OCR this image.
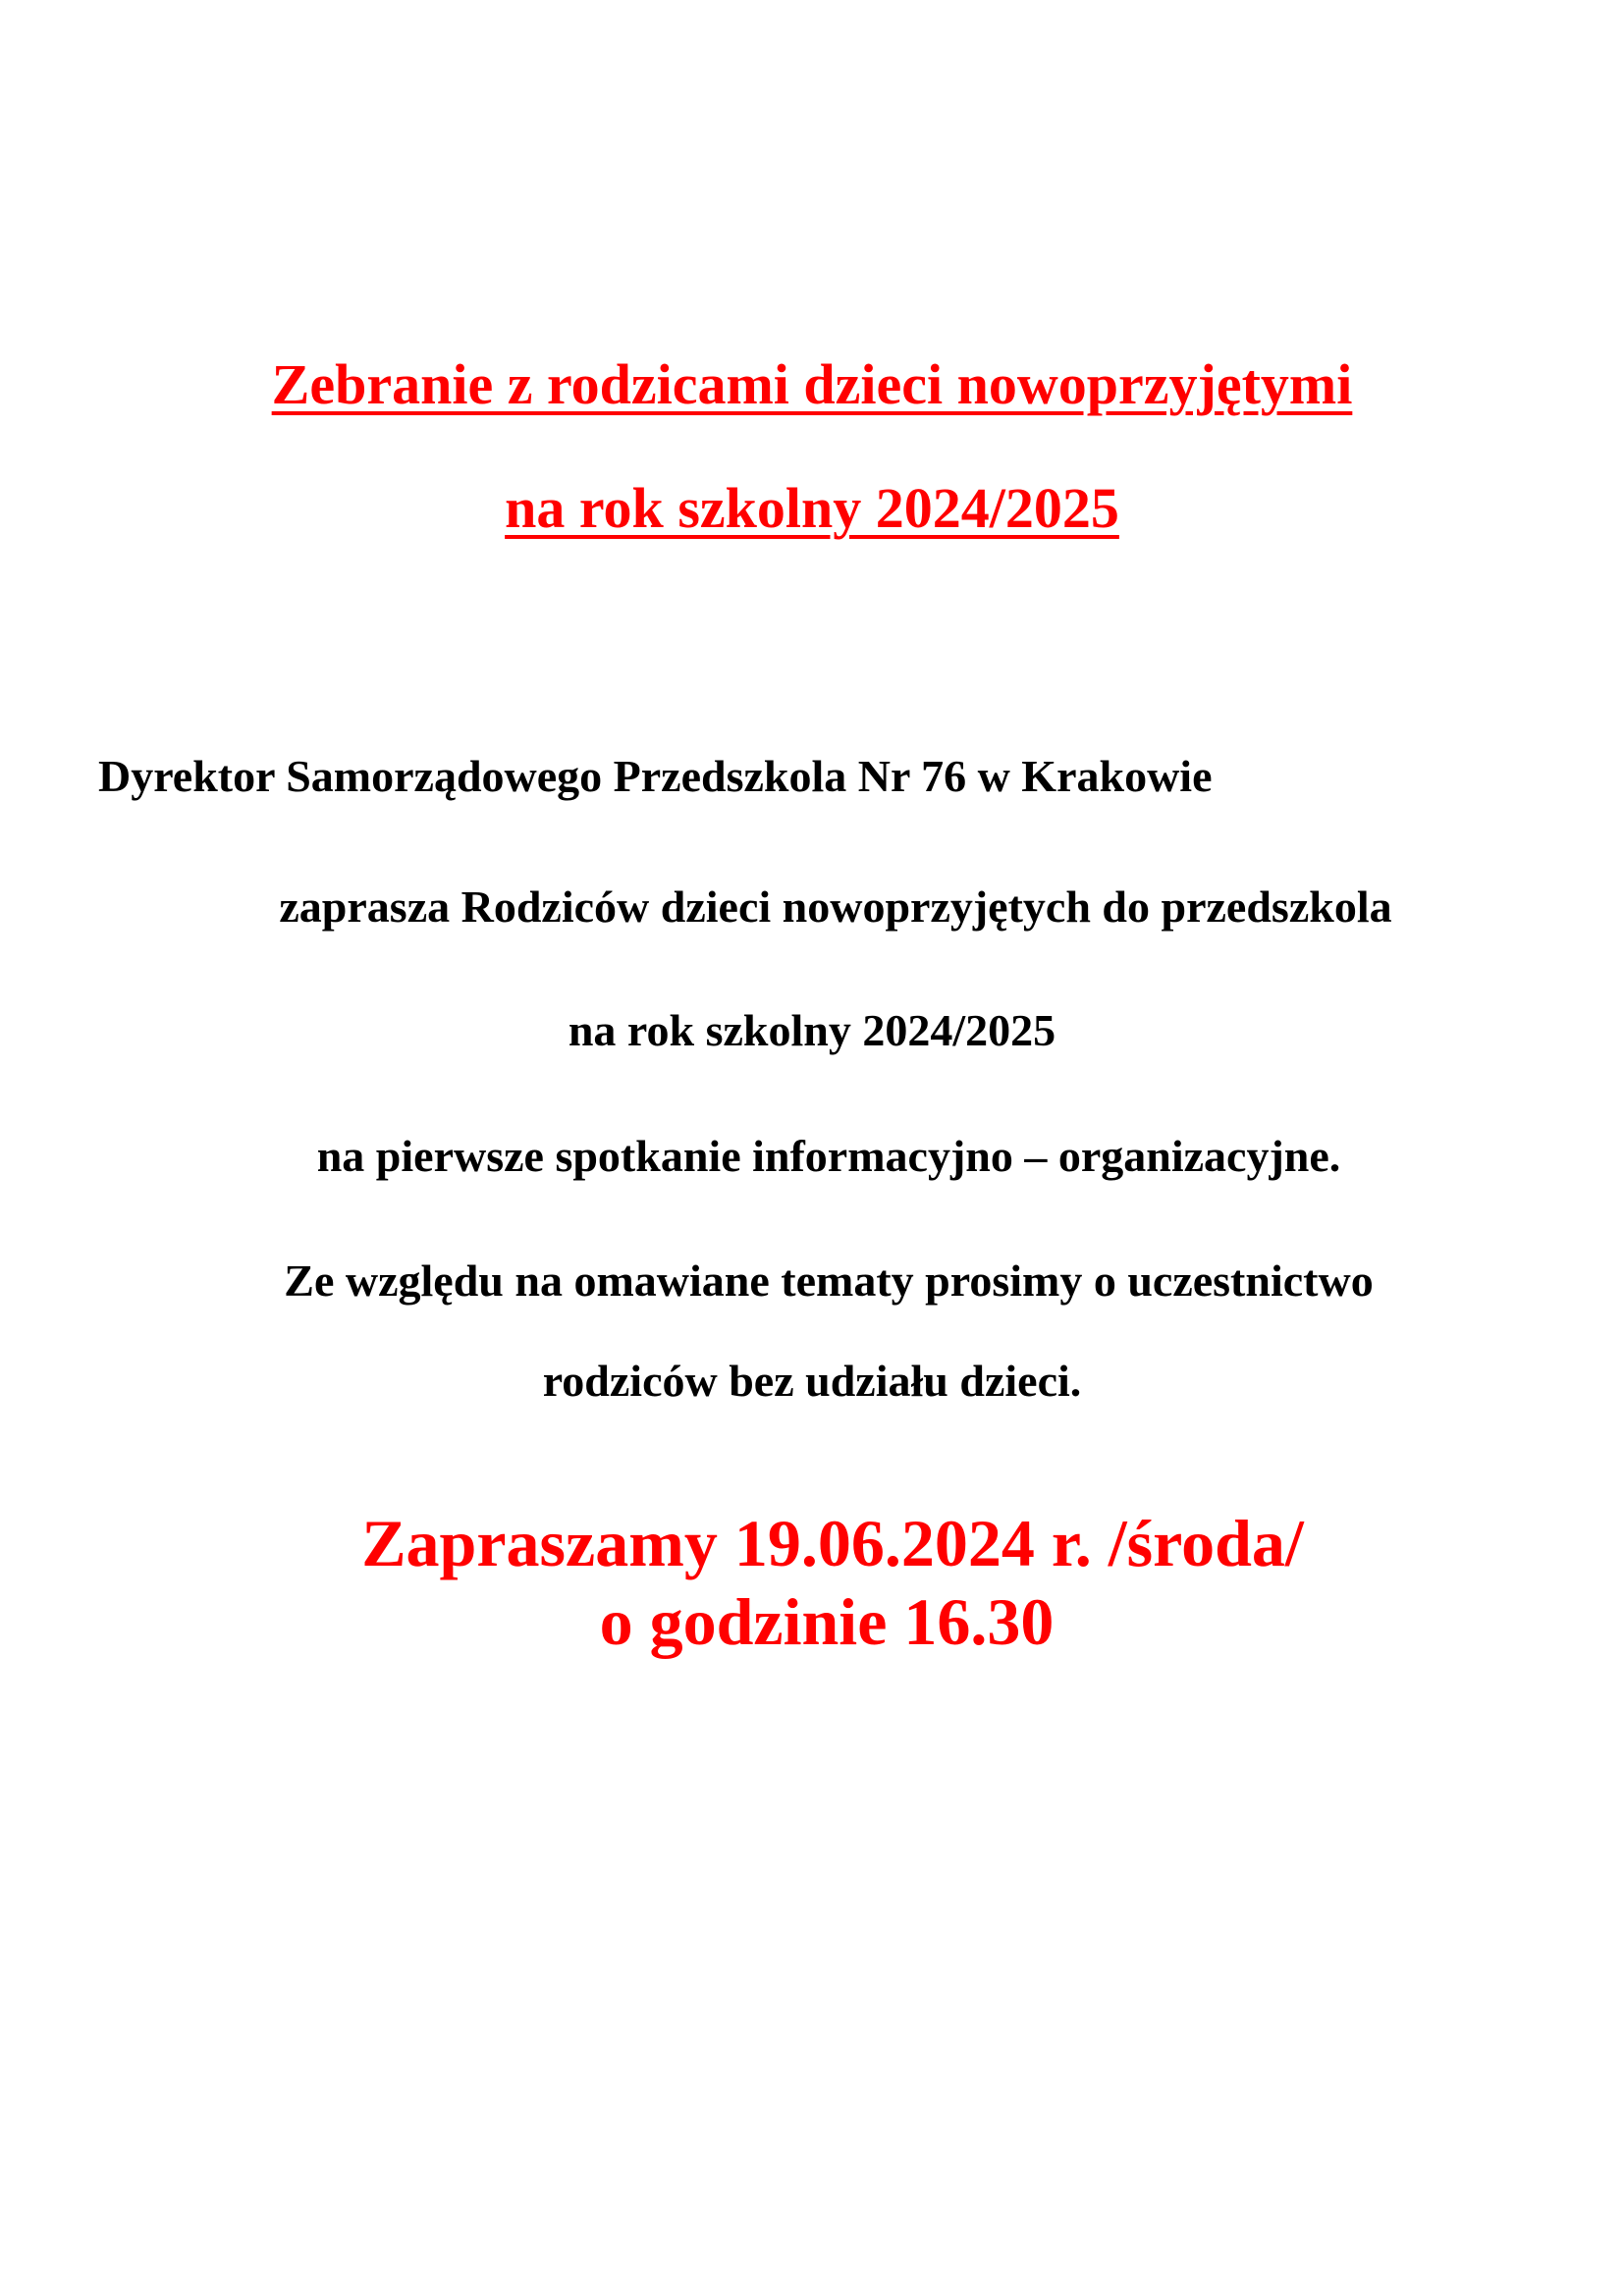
Zebranie z rodzicami dzieci nowoprzyjętymi

na rok szkolny 2024/2025

Dyrektor Samorządowego Przedszkola Nr 76 w Krakowie

zaprasza Rodziców dzieci nowoprzyjętych do przedszkola

na rok szkolny 2024/2025

na pierwsze spotkanie informacyjno – organizacyjne.

Ze względu na omawiane tematy prosimy o uczestnictwo

rodziców bez udziału dzieci.

Zapraszamy 19.06.2024 r. /środa/

o godzinie 16.30
